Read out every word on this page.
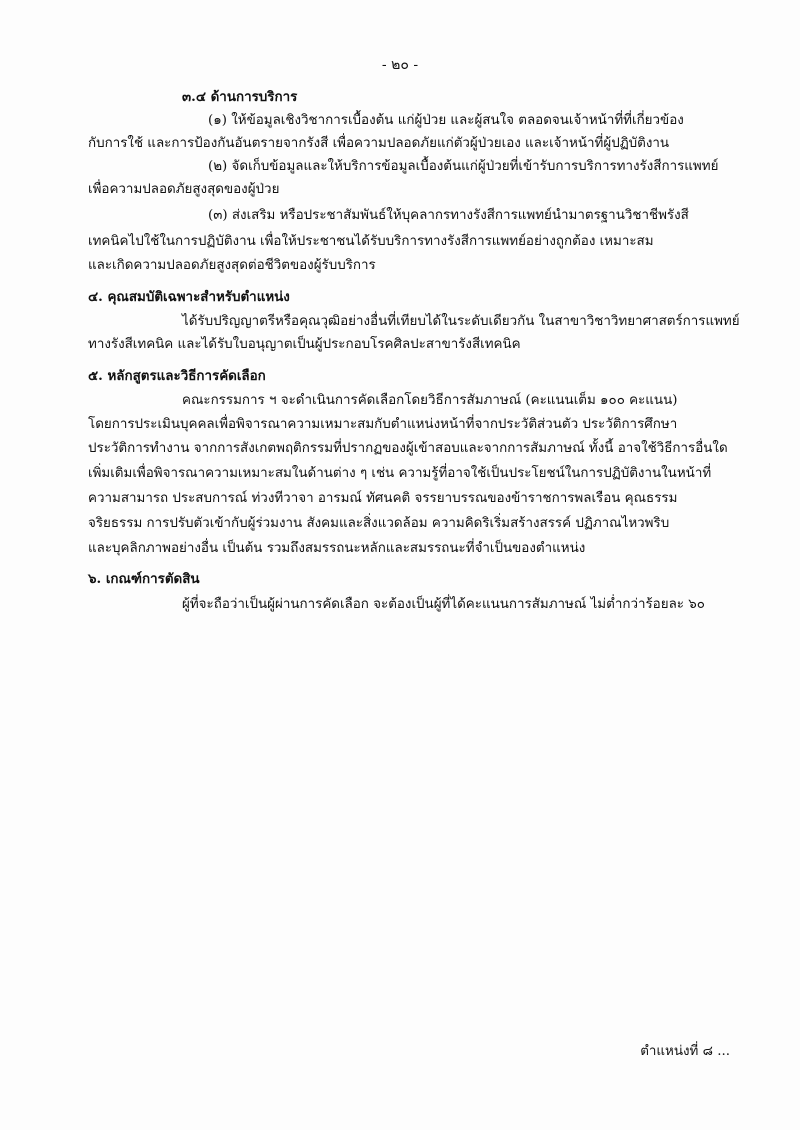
- ๒๐ -
๓.๔ ด้านการบริการ
(๑) ให้ข้อมูลเชิงวิชาการเบื้องต้น แก่ผู้ป่วย และผู้สนใจ ตลอดจนเจ้าหน้าที่ที่เกี่ยวข้อง
กับการใช้ และการป้องกันอันตรายจากรังสี เพื่อความปลอดภัยแก่ตัวผู้ป่วยเอง และเจ้าหน้าที่ผู้ปฏิบัติงาน
(๒) จัดเก็บข้อมูลและให้บริการข้อมูลเบื้องต้นแก่ผู้ป่วยที่เข้ารับการบริการทางรังสีการแพทย์
เพื่อความปลอดภัยสูงสุดของผู้ป่วย
(๓) ส่งเสริม หรือประชาสัมพันธ์ให้บุคลากรทางรังสีการแพทย์นำมาตรฐานวิชาชีพรังสี
เทคนิคไปใช้ในการปฏิบัติงาน เพื่อให้ประชาชนได้รับบริการทางรังสีการแพทย์อย่างถูกต้อง เหมาะสม
และเกิดความปลอดภัยสูงสุดต่อชีวิตของผู้รับบริการ
๔. คุณสมบัติเฉพาะสำหรับตำแหน่ง
ได้รับปริญญาตรีหรือคุณวุฒิอย่างอื่นที่เทียบได้ในระดับเดียวกัน ในสาขาวิชาวิทยาศาสตร์การแพทย์
ทางรังสีเทคนิค และได้รับใบอนุญาตเป็นผู้ประกอบโรคศิลปะสาขารังสีเทคนิค
๕. หลักสูตรและวิธีการคัดเลือก
คณะกรรมการ ฯ จะดำเนินการคัดเลือกโดยวิธีการสัมภาษณ์ (คะแนนเต็ม ๑๐๐ คะแนน)
โดยการประเมินบุคคลเพื่อพิจารณาความเหมาะสมกับตำแหน่งหน้าที่จากประวัติส่วนตัว ประวัติการศึกษา
ประวัติการทำงาน จากการสังเกตพฤติกรรมที่ปรากฏของผู้เข้าสอบและจากการสัมภาษณ์ ทั้งนี้ อาจใช้วิธีการอื่นใด
เพิ่มเติมเพื่อพิจารณาความเหมาะสมในด้านต่าง ๆ เช่น ความรู้ที่อาจใช้เป็นประโยชน์ในการปฏิบัติงานในหน้าที่
ความสามารถ ประสบการณ์ ท่วงทีวาจา อารมณ์ ทัศนคติ จรรยาบรรณของข้าราชการพลเรือน คุณธรรม
จริยธรรม การปรับตัวเข้ากับผู้ร่วมงาน สังคมและสิ่งแวดล้อม ความคิดริเริ่มสร้างสรรค์ ปฏิภาณไหวพริบ
และบุคลิกภาพอย่างอื่น เป็นต้น รวมถึงสมรรถนะหลักและสมรรถนะที่จำเป็นของตำแหน่ง
๖. เกณฑ์การตัดสิน
ผู้ที่จะถือว่าเป็นผู้ผ่านการคัดเลือก จะต้องเป็นผู้ที่ได้คะแนนการสัมภาษณ์ ไม่ต่ำกว่าร้อยละ ๖๐
ตำแหน่งที่ ๘ ...
